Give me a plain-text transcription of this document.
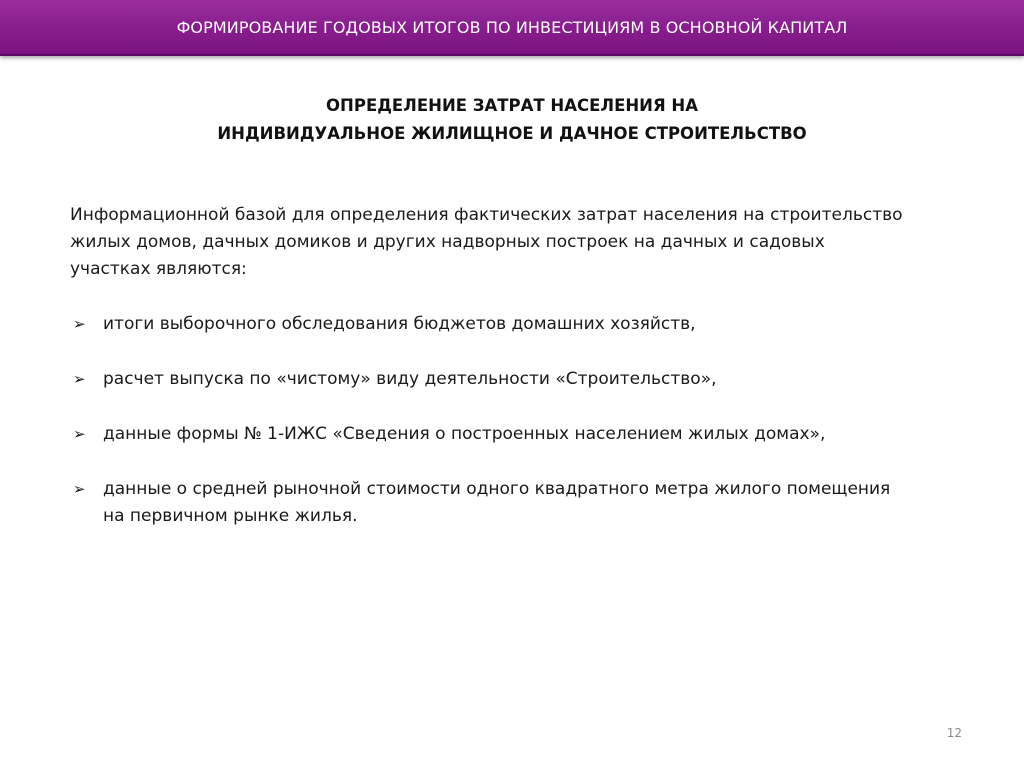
ФОРМИРОВАНИЕ ГОДОВЫХ ИТОГОВ ПО ИНВЕСТИЦИЯМ В ОСНОВНОЙ КАПИТАЛ
ОПРЕДЕЛЕНИЕ ЗАТРАТ НАСЕЛЕНИЯ НА
ИНДИВИДУАЛЬНОЕ ЖИЛИЩНОЕ И ДАЧНОЕ СТРОИТЕЛЬСТВО
Информационной базой для определения фактических затрат населения на строительство
жилых домов, дачных домиков и других надворных построек на дачных и садовых
участках являются:
➢ итоги выборочного обследования бюджетов домашних хозяйств,
➢ расчет выпуска по «чистому» виду деятельности «Строительство»,
➢ данные формы № 1-ИЖС «Сведения о построенных населением жилых домах»,
➢ данные о средней рыночной стоимости одного квадратного метра жилого помещения
на первичном рынке жилья.
12
